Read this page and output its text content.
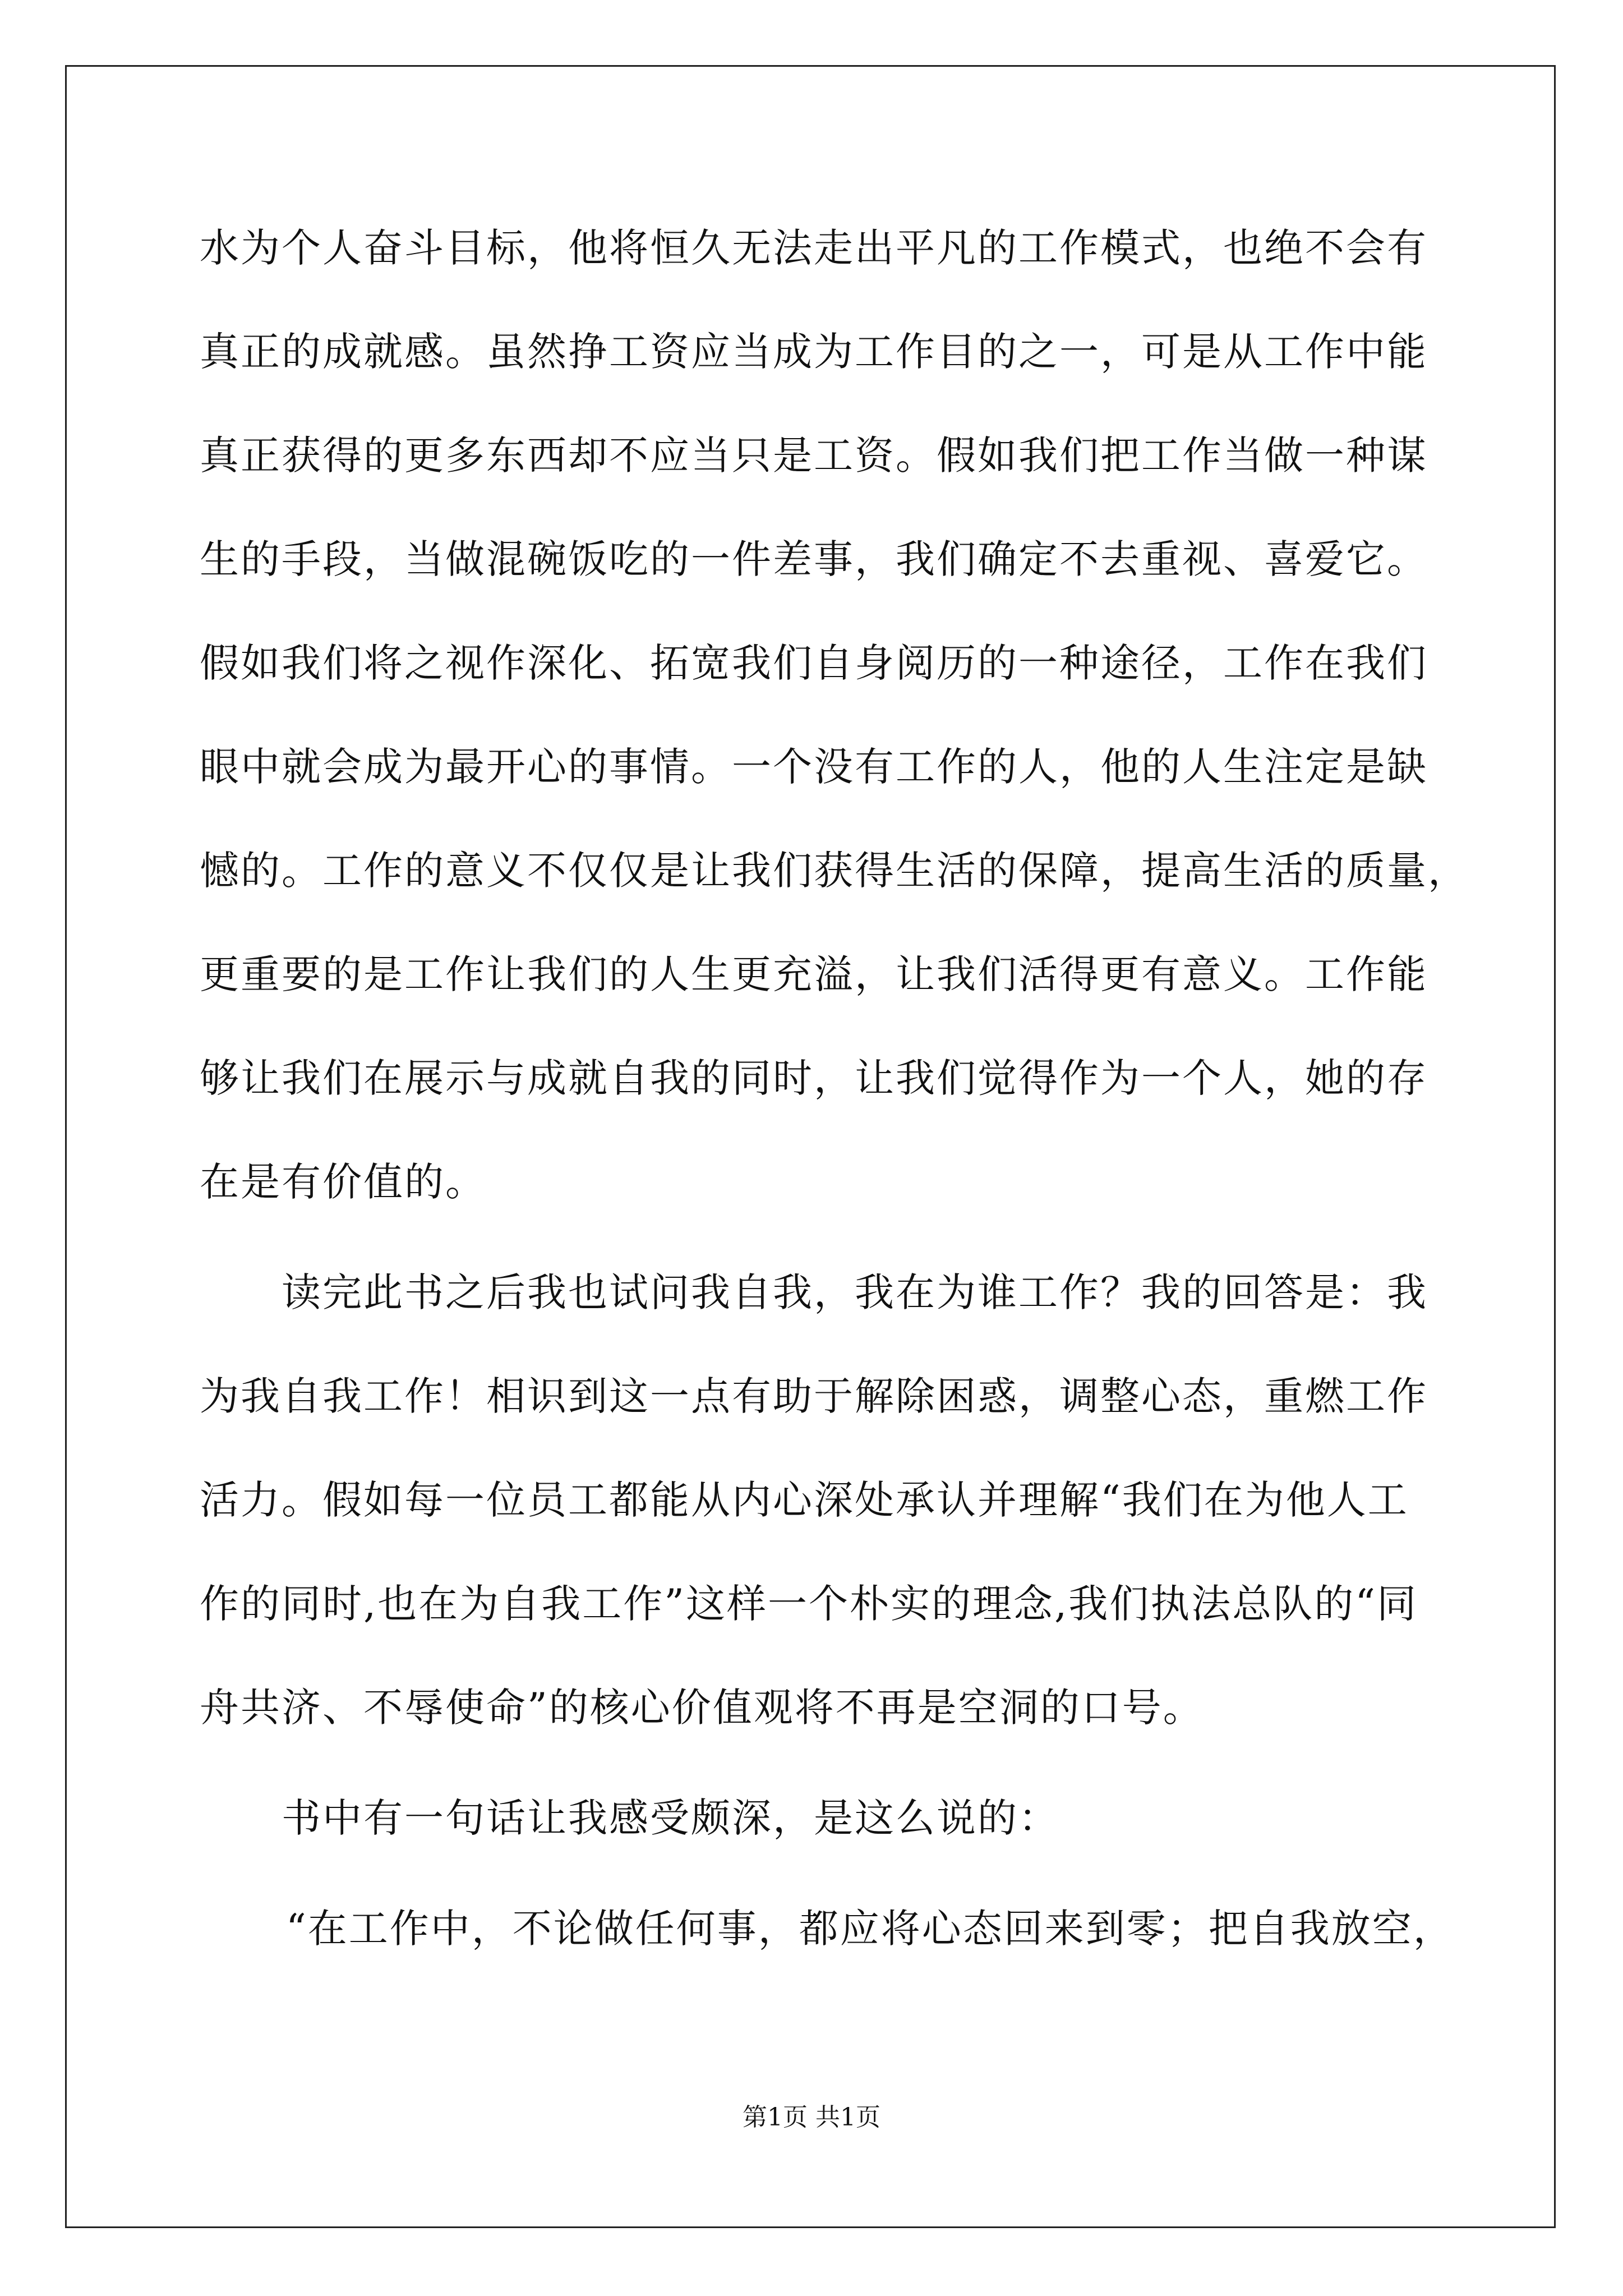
水为个人奋斗目标，他将恒久无法走出平凡的工作模式，也绝不会有

真正的成就感。虽然挣工资应当成为工作目的之一，可是从工作中能

真正获得的更多东西却不应当只是工资。假如我们把工作当做一种谋

生的手段，当做混碗饭吃的一件差事，我们确定不去重视、喜爱它。

假如我们将之视作深化、拓宽我们自身阅历的一种途径，工作在我们

眼中就会成为最开心的事情。一个没有工作的人，他的人生注定是缺

憾的。工作的意义不仅仅是让我们获得生活的保障，提高生活的质量，

更重要的是工作让我们的人生更充溢，让我们活得更有意义。工作能

够让我们在展示与成就自我的同时，让我们觉得作为一个人，她的存

在是有价值的。

读完此书之后我也试问我自我，我在为谁工作？我的回答是：我

为我自我工作！相识到这一点有助于解除困惑，调整心态，重燃工作

活力。假如每一位员工都能从内心深处承认并理解“我们在为他人工

作的同时,也在为自我工作”这样一个朴实的理念,我们执法总队的“同

舟共济、不辱使命”的核心价值观将不再是空洞的口号。

书中有一句话让我感受颇深，是这么说的：

“在工作中，不论做任何事，都应将心态回来到零；把自我放空，

第1页 共1页
